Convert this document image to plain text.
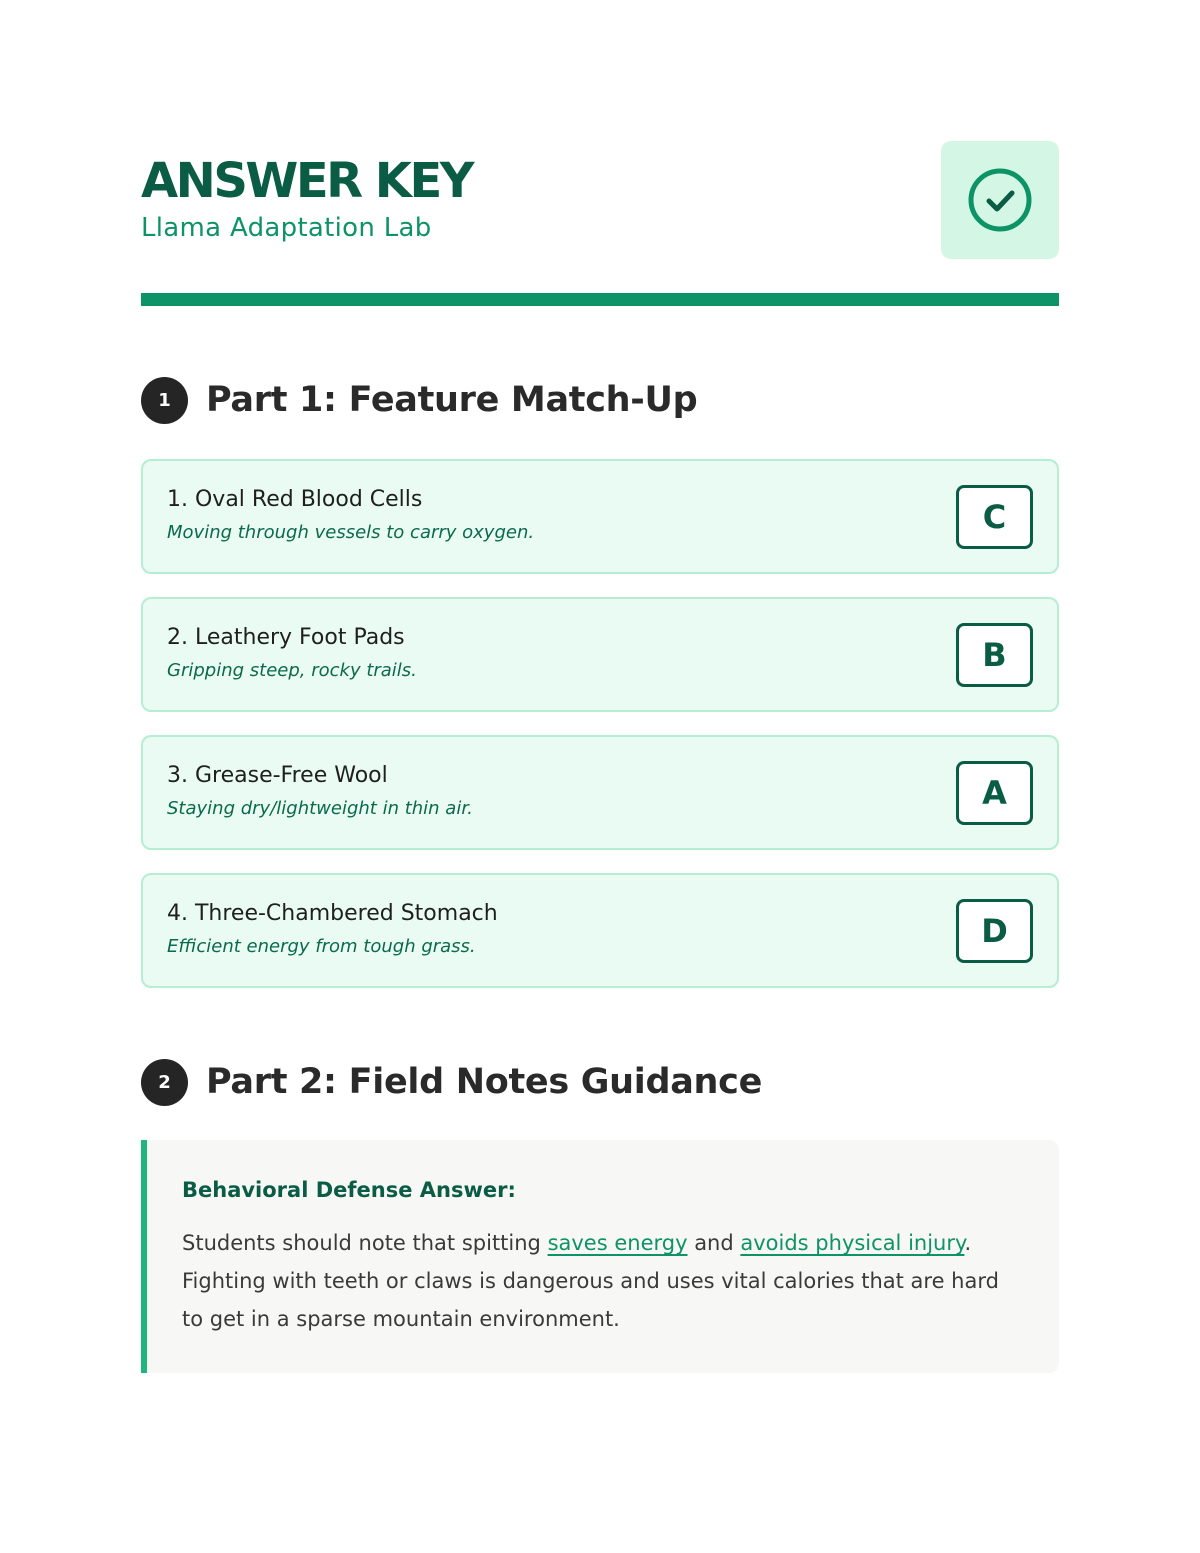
ANSWER KEY
Llama Adaptation Lab
1	Part 1: Feature Match-Up
1. Oval Red Blood Cells
Moving through vessels to carry oxygen.	C
2. Leathery Foot Pads
Gripping steep, rocky trails.	B
3. Grease-Free Wool
Staying dry/lightweight in thin air.	A
4. Three-Chambered Stomach
Efficient energy from tough grass.	D
2	Part 2: Field Notes Guidance

Behavioral Defense Answer:

Students should note that spitting saves energy and avoids physical injury. Fighting with teeth or claws is dangerous and uses vital calories that are hard to get in a sparse mountain environment.
